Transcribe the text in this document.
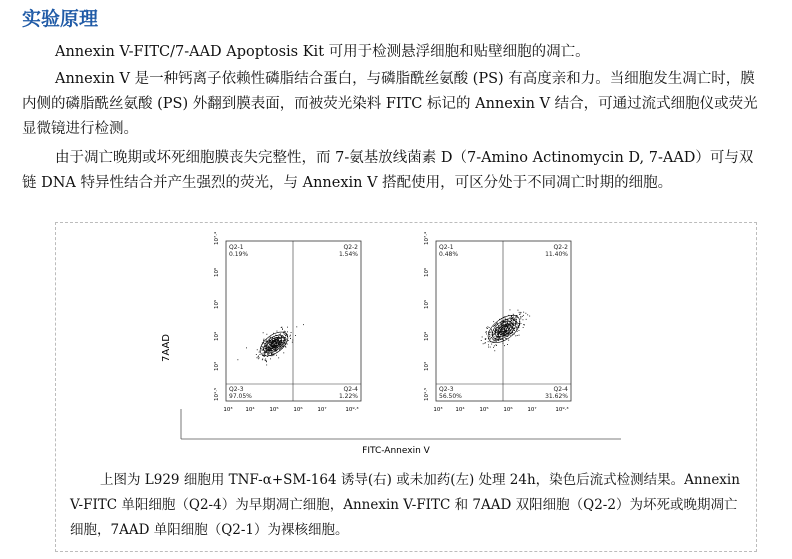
实验原理

Annexin V-FITC/7-AAD Apoptosis Kit 可用于检测悬浮细胞和贴壁细胞的凋亡。

Annexin V 是一种钙离子依赖性磷脂结合蛋白，与磷脂酰丝氨酸 (PS) 有高度亲和力。当细胞发生凋亡时，膜内侧的磷脂酰丝氨酸 (PS) 外翻到膜表面，而被荧光染料 FITC 标记的 Annexin V 结合，可通过流式细胞仪或荧光显微镜进行检测。

由于凋亡晚期或坏死细胞膜丧失完整性，而 7-氨基放线菌素 D（7-Amino Actinomycin D, 7-AAD）可与双链 DNA 特异性结合并产生强烈的荧光，与 Annexin V 搭配使用，可区分处于不同凋亡时期的细胞。

7AAD
FITC-Annexin V
10⁷·⁴
10⁶
10⁵
10⁴
10³
10¹·⁵
10³ 10⁴	10⁵	10⁶	10⁷	10⁹·³
Q2-1
0.19%
Q2-2
1.54%
Q2-3
97.05%
Q2-4
1.22%
10⁷·⁴
10⁶
10⁵
10⁴
10³
10¹·⁵
10³ 10⁴	10⁵	10⁶	10⁷	10⁹·³
Q2-1
0.48%
Q2-2
11.40%
Q2-3
56.50%
Q2-4
31.62%

上图为 L929 细胞用 TNF-α+SM-164 诱导(右) 或未加药(左) 处理 24h，染色后流式检测结果。Annexin V-FITC 单阳细胞（Q2-4）为早期凋亡细胞，Annexin V-FITC 和 7AAD 双阳细胞（Q2-2）为坏死或晚期凋亡细胞，7AAD 单阳细胞（Q2-1）为裸核细胞。
